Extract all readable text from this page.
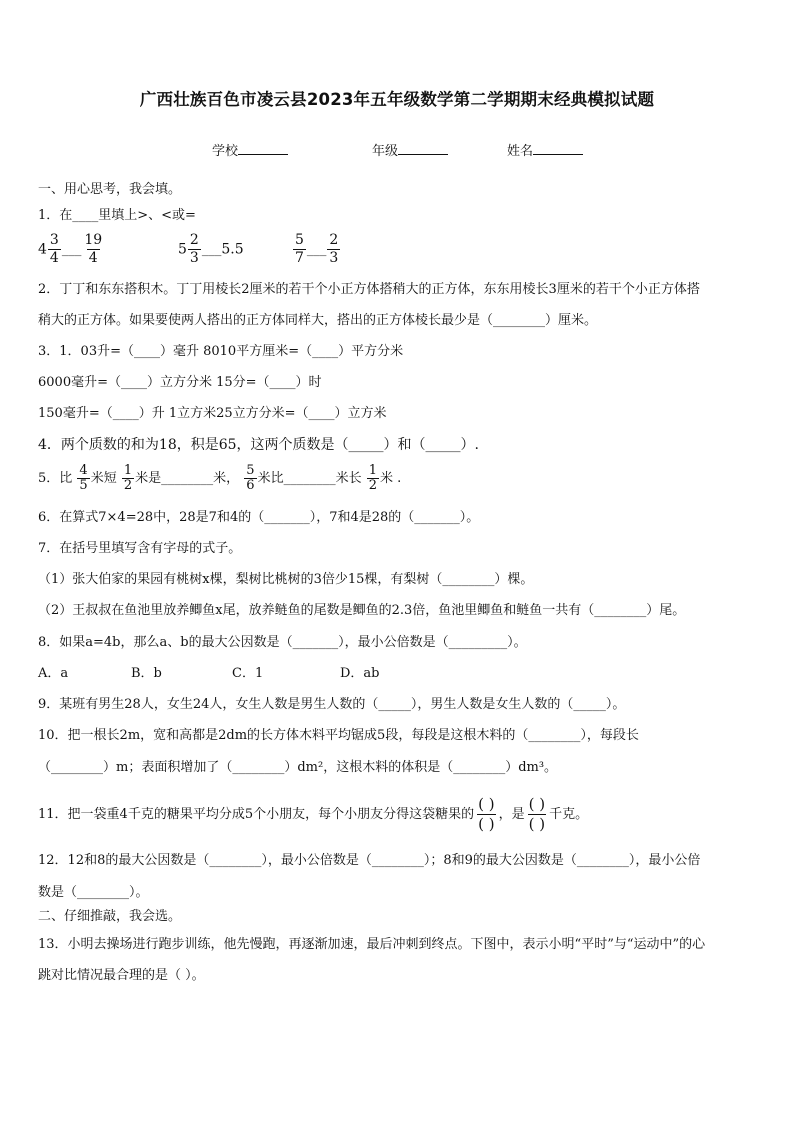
广西壮族百色市凌云县2023年五年级数学第二学期期末经典模拟试题
学校	年级	姓名
一、用心思考，我会填。
1．在____里填上>、<或=
$4 \frac{3}{4}$ ___ $\frac{19}{4}$	$5 \frac{2}{3}$ ___5.5	$\frac{5}{7}$ ___ $\frac{2}{3}$
2．丁丁和东东搭积木。丁丁用棱长2厘米的若干个小正方体搭稍大的正方体，东东用棱长3厘米的若干个小正方体搭
稍大的正方体。如果要使两人搭出的正方体同样大，搭出的正方体棱长最少是（________）厘米。
3．1．03升=（____）毫升 8010平方厘米=（____）平方分米
6000毫升=（____）立方分米 15分=（____）时
150毫升=（____）升 1立方米25立方分米=（____）立方米
4．两个质数的和为18，积是65，这两个质数是（_____）和（_____）.
5．比 $\frac{4}{5}$ 米短 $\frac{1}{2}$ 米是________米， $\frac{5}{6}$ 米比________米长 $\frac{1}{2}$ 米 .
6．在算式7×4=28中，28是7和4的（_______），7和4是28的（_______）。
7．在括号里填写含有字母的式子。
（1）张大伯家的果园有桃树x棵，梨树比桃树的3倍少15棵，有梨树（________）棵。
（2）王叔叔在鱼池里放养鲫鱼x尾，放养鲢鱼的尾数是鲫鱼的2.3倍，鱼池里鲫鱼和鲢鱼一共有（________）尾。
8．如果a=4b，那么a、b的最大公因数是（_______），最小公倍数是（_________）。
A．a	B．b	C．1	D．ab
9．某班有男生28人，女生24人，女生人数是男生人数的（_____），男生人数是女生人数的（_____）。
10．把一根长2m，宽和高都是2dm的长方体木料平均锯成5段，每段是这根木料的（________），每段长
（________）m；表面积增加了（________）dm²，这根木料的体积是（________）dm³。
11．把一袋重4千克的糖果平均分成5个小朋友，每个小朋友分得这袋糖果的
( )
( )
，是
( )
( )
千克。
12．12和8的最大公因数是（________），最小公倍数是（________）；8和9的最大公因数是（________），最小公倍
数是（________）。
二、仔细推敲，我会选。
13．小明去操场进行跑步训练，他先慢跑，再逐渐加速，最后冲刺到终点。下图中，表示小明“平时”与“运动中”的心
跳对比情况最合理的是（ ）。
